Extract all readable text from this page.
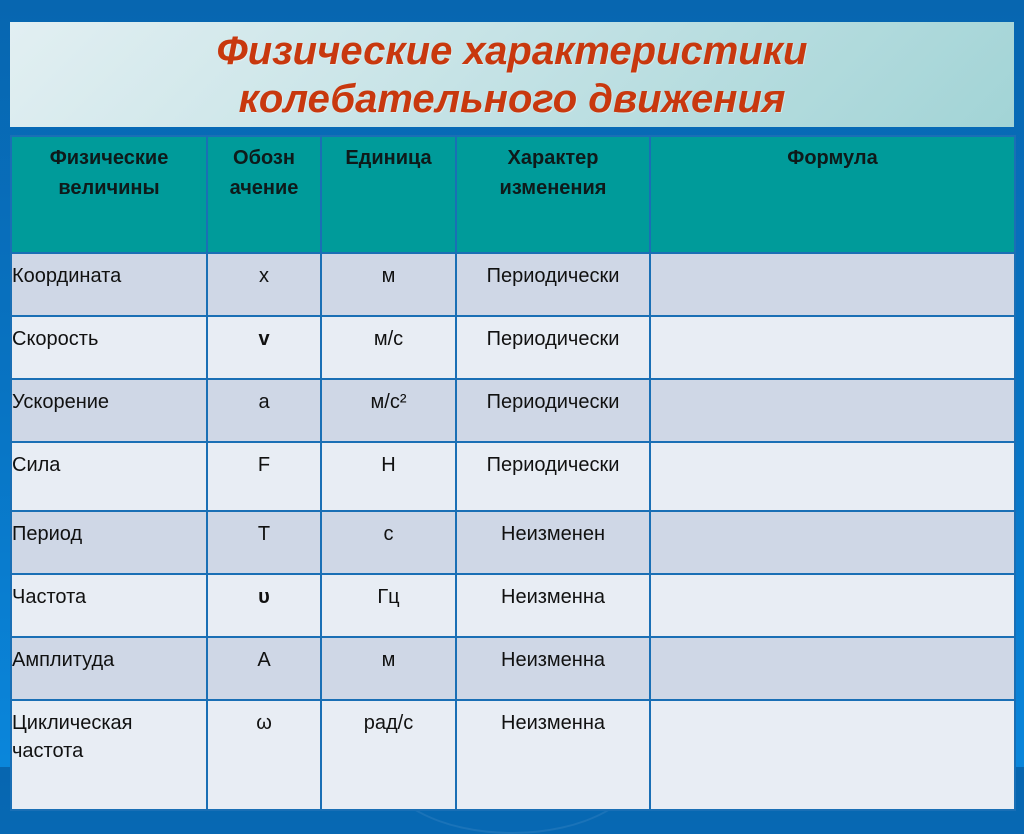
Физические характеристики
колебательного движения
Физические величины	Обозн ачение	Единица	Характер изменения	Формула
Координата	x	м	Периодически	
Скорость	v	м/с	Периодически	
Ускорение	a	м/с²	Периодически	
Сила	F	Н	Периодически	
Период	T	с	Неизменен	
Частота	υ	Гц	Неизменна	
Амплитуда	A	м	Неизменна	
Циклическая частота	ω	рад/с	Неизменна	
